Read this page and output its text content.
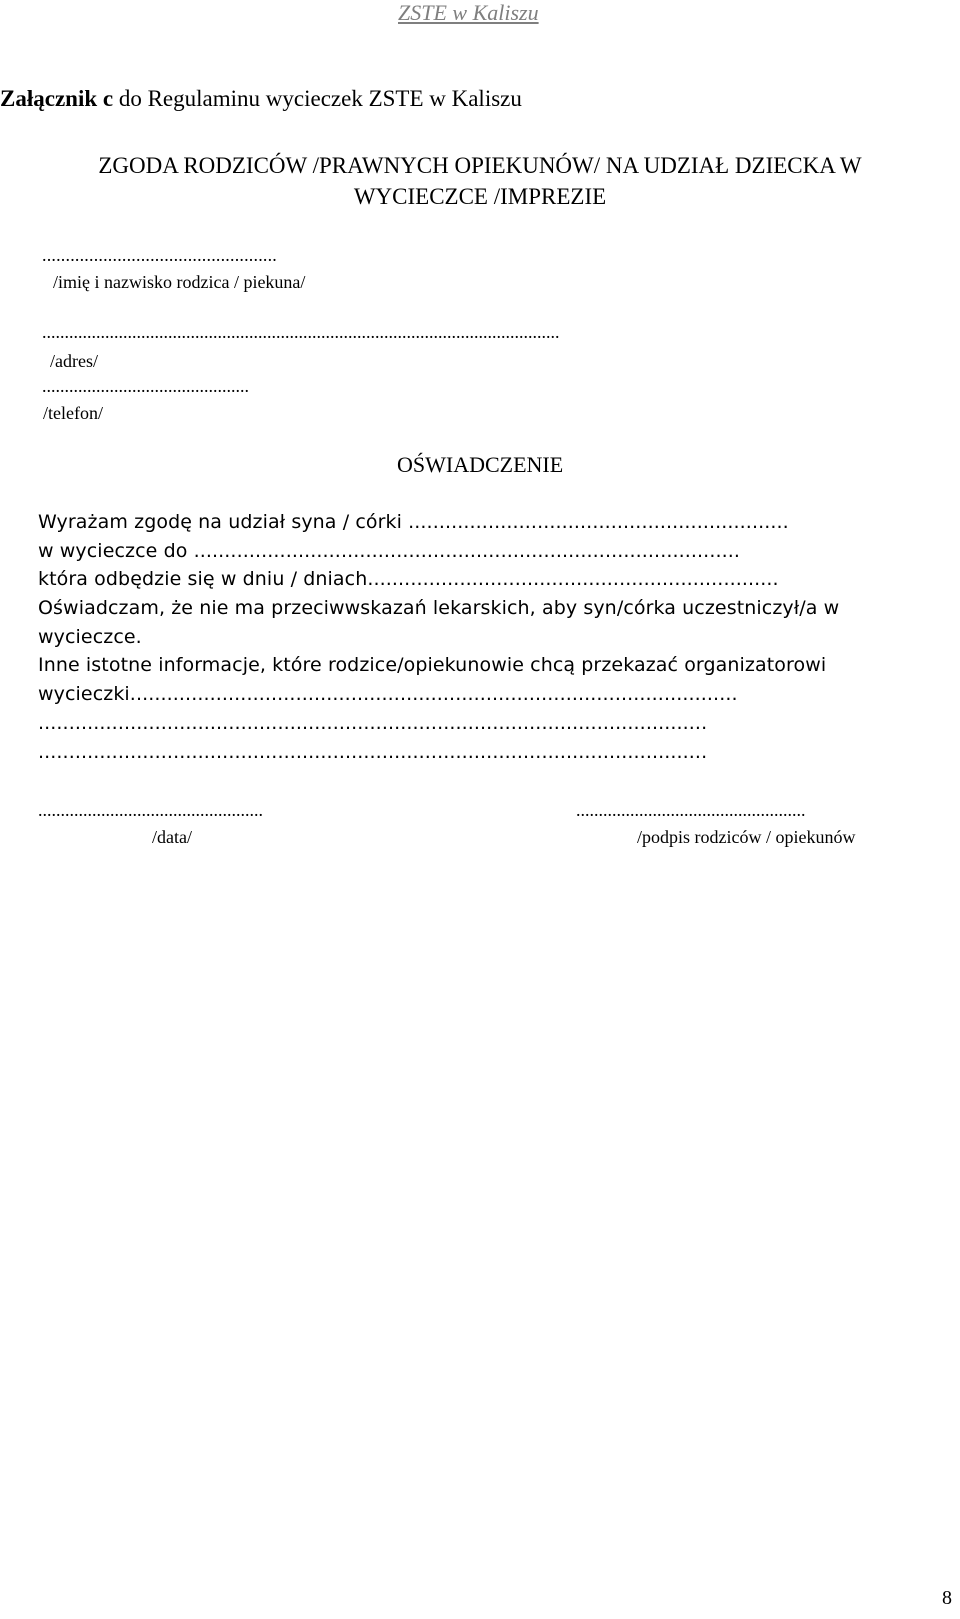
ZSTE w Kaliszu

Załącznik c do Regulaminu wycieczek ZSTE w Kaliszu

ZGODA RODZICÓW /PRAWNYCH OPIEKUNÓW/ NA UDZIAŁ DZIECKA W

WYCIECZCE /IMPREZIE

..................................................

/imię i nazwisko rodzica / piekuna/

...................................................................................................................

/adres/

..............................................

/telefon/

OŚWIADCZENIE

Wyrażam zgodę na udział syna / córki ..............................................................

w wycieczce do .........................................................................................

która odbędzie się w dniu / dniach...................................................................

Oświadczam, że nie ma przeciwwskazań lekarskich, aby syn/córka uczestniczył/a w

wycieczce.

Inne istotne informacje, które rodzice/opiekunowie chcą przekazać organizatorowi

wycieczki...................................................................................................

.............................................................................................................

.............................................................................................................

..................................................	...................................................

/data/	/podpis rodziców / opiekunów

8
